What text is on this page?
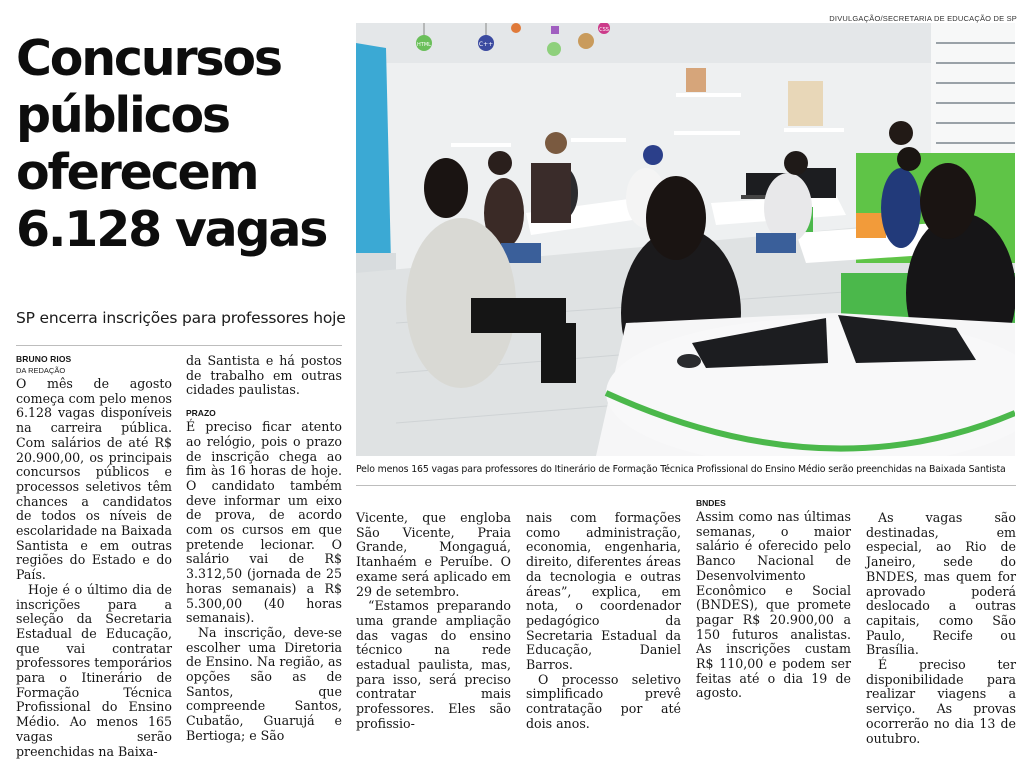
Concursos
públicos
oferecem
6.128 vagas

SP encerra inscrições para professores hoje

DIVULGAÇÃO/SECRETARIA DE EDUCAÇÃO DE SP
HTML	C++
CSS
Pelo menos 165 vagas para professores do Itinerário de Formação Técnica Profissional do Ensino Médio serão preenchidas na Baixada Santista
BRUNO RIOS
DA REDAÇÃO

O mês de agosto começa com pelo menos 6.128 vagas disponíveis na carreira pública. Com salários de até R$ 20.900,00, os principais concursos públicos e processos seletivos têm chances a candidatos de todos os níveis de escolaridade na Baixada Santista e em outras regiões do Estado e do País.

Hoje é o último dia de inscrições para a seleção da Secretaria Estadual de Educação, que vai contratar professores temporários para o Itinerário de Formação Técnica Profissional do Ensino Médio. Ao menos 165 vagas serão preenchidas na Baixa-

da Santista e há postos de trabalho em outras cidades paulistas.

PRAZO

É preciso ficar atento ao relógio, pois o prazo de inscrição chega ao fim às 16 horas de hoje. O candidato também deve informar um eixo de prova, de acordo com os cursos em que pretende lecionar. O salário vai de R$ 3.312,50 (jornada de 25 horas semanais) a R$ 5.300,00 (40 horas semanais).

Na inscrição, deve-se escolher uma Diretoria de Ensino. Na região, as opções são as de Santos, que compreende Santos, Cubatão, Guarujá e Bertioga; e São

Vicente, que engloba São Vicente, Praia Grande, Mongaguá, Itanhaém e Peruíbe. O exame será aplicado em 29 de setembro.

“Estamos preparando uma grande ampliação das vagas do ensino técnico na rede estadual paulista, mas, para isso, será preciso contratar mais professores. Eles são profissio-

nais com formações como administração, economia, engenharia, direito, diferentes áreas da tecnologia e outras áreas”, explica, em nota, o coordenador pedagógico da Secretaria Estadual da Educação, Daniel Barros.

O processo seletivo simplificado prevê contratação por até dois anos.

BNDES

Assim como nas últimas semanas, o maior salário é oferecido pelo Banco Nacional de Desenvolvimento Econômico e Social (BNDES), que promete pagar R$ 20.900,00 a 150 futuros analistas. As inscrições custam R$ 110,00 e podem ser feitas até o dia 19 de agosto.

As vagas são destinadas, em especial, ao Rio de Janeiro, sede do BNDES, mas quem for aprovado poderá deslocado a outras capitais, como São Paulo, Recife ou Brasília.

É preciso ter disponibilidade para realizar viagens a serviço. As provas ocorrerão no dia 13 de outubro.
